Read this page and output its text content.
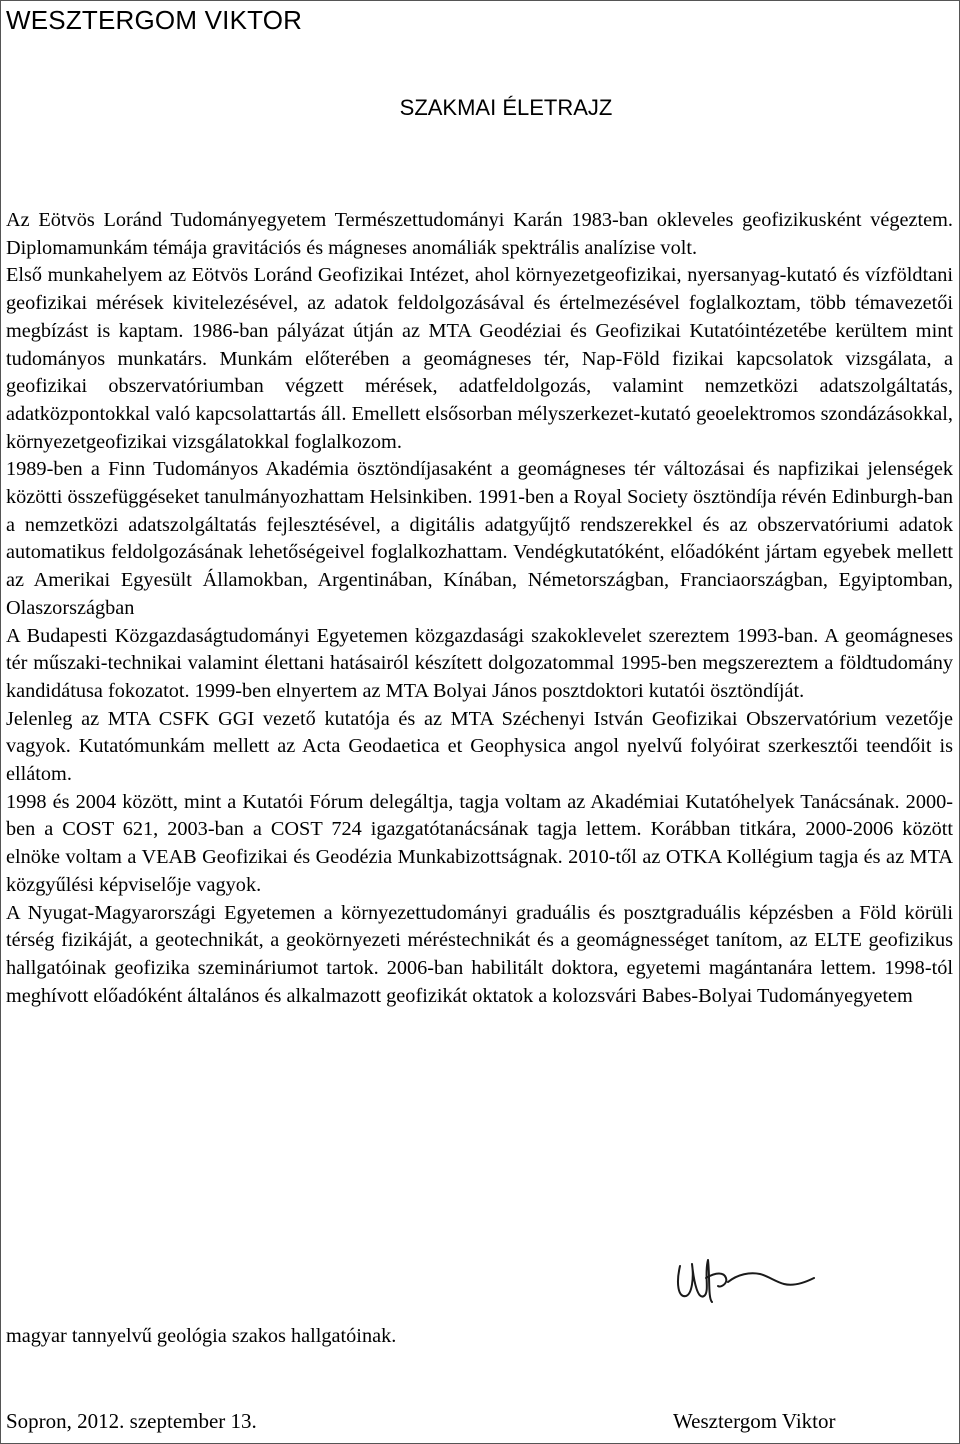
WESZTERGOM VIKTOR
SZAKMAI ÉLETRAJZ

Az Eötvös Loránd Tudományegyetem Természettudományi Karán 1983-ban okleveles geofizikusként végeztem. Diplomamunkám témája gravitációs és mágneses anomáliák spektrális analízise volt.

Első munkahelyem az Eötvös Loránd Geofizikai Intézet, ahol környezetgeofizikai, nyersanyag-kutató és vízföldtani geofizikai mérések kivitelezésével, az adatok feldolgozásával és értelmezésével foglalkoztam, több témavezetői megbízást is kaptam. 1986-ban pályázat útján az MTA Geodéziai és Geofizikai Kutatóintézetébe kerültem mint tudományos munkatárs. Munkám előterében a geomágneses tér, Nap-Föld fizikai kapcsolatok vizsgálata, a geofizikai obszervatóriumban végzett mérések, adatfeldolgozás, valamint nemzetközi adatszolgáltatás, adatközpontokkal való kapcsolattartás áll. Emellett elsősorban mélyszerkezet-kutató geoelektromos szondázásokkal, környezetgeofizikai vizsgálatokkal foglalkozom.

1989-ben a Finn Tudományos Akadémia ösztöndíjasaként a geomágneses tér változásai és napfizikai jelenségek közötti összefüggéseket tanulmányozhattam Helsinkiben. 1991-ben a Royal Society ösztöndíja révén Edinburgh-ban a nemzetközi adatszolgáltatás fejlesztésével, a digitális adatgyűjtő rendszerekkel és az obszervatóriumi adatok automatikus feldolgozásának lehetőségeivel foglalkozhattam. Vendégkutatóként, előadóként jártam egyebek mellett az Amerikai Egyesült Államokban, Argentinában, Kínában, Németországban, Franciaországban, Egyiptomban, Olaszországban

A Budapesti Közgazdaságtudományi Egyetemen közgazdasági szakoklevelet szereztem 1993-ban. A geomágneses tér műszaki-technikai valamint élettani hatásairól készített dolgozatommal 1995-ben megszereztem a földtudomány kandidátusa fokozatot. 1999-ben elnyertem az MTA Bolyai János posztdoktori kutatói ösztöndíját.

Jelenleg az MTA CSFK GGI vezető kutatója és az MTA Széchenyi István Geofizikai Obszervatórium vezetője vagyok. Kutatómunkám mellett az Acta Geodaetica et Geophysica angol nyelvű folyóirat szerkesztői teendőit is ellátom.

1998 és 2004 között, mint a Kutatói Fórum delegáltja, tagja voltam az Akadémiai Kutatóhelyek Tanácsának. 2000-ben a COST 621, 2003-ban a COST 724 igazgatótanácsának tagja lettem. Korábban titkára, 2000-2006 között elnöke voltam a VEAB Geofizikai és Geodézia Munkabizottságnak. 2010-től az OTKA Kollégium tagja és az MTA közgyűlési képviselője vagyok.

A Nyugat-Magyarországi Egyetemen a környezettudományi graduális és posztgraduális képzésben a Föld körüli térség fizikáját, a geotechnikát, a geokörnyezeti méréstechnikát és a geomágnességet tanítom, az ELTE geofizikus hallgatóinak geofizika szemináriumot tartok. 2006-ban habilitált doktora, egyetemi magántanára lettem. 1998-tól meghívott előadóként általános és alkalmazott geofizikát oktatok a kolozsvári Babes-Bolyai Tudományegyetem

magyar tannyelvű geológia szakos hallgatóinak.
Sopron, 2012. szeptember 13.	Wesztergom Viktor
